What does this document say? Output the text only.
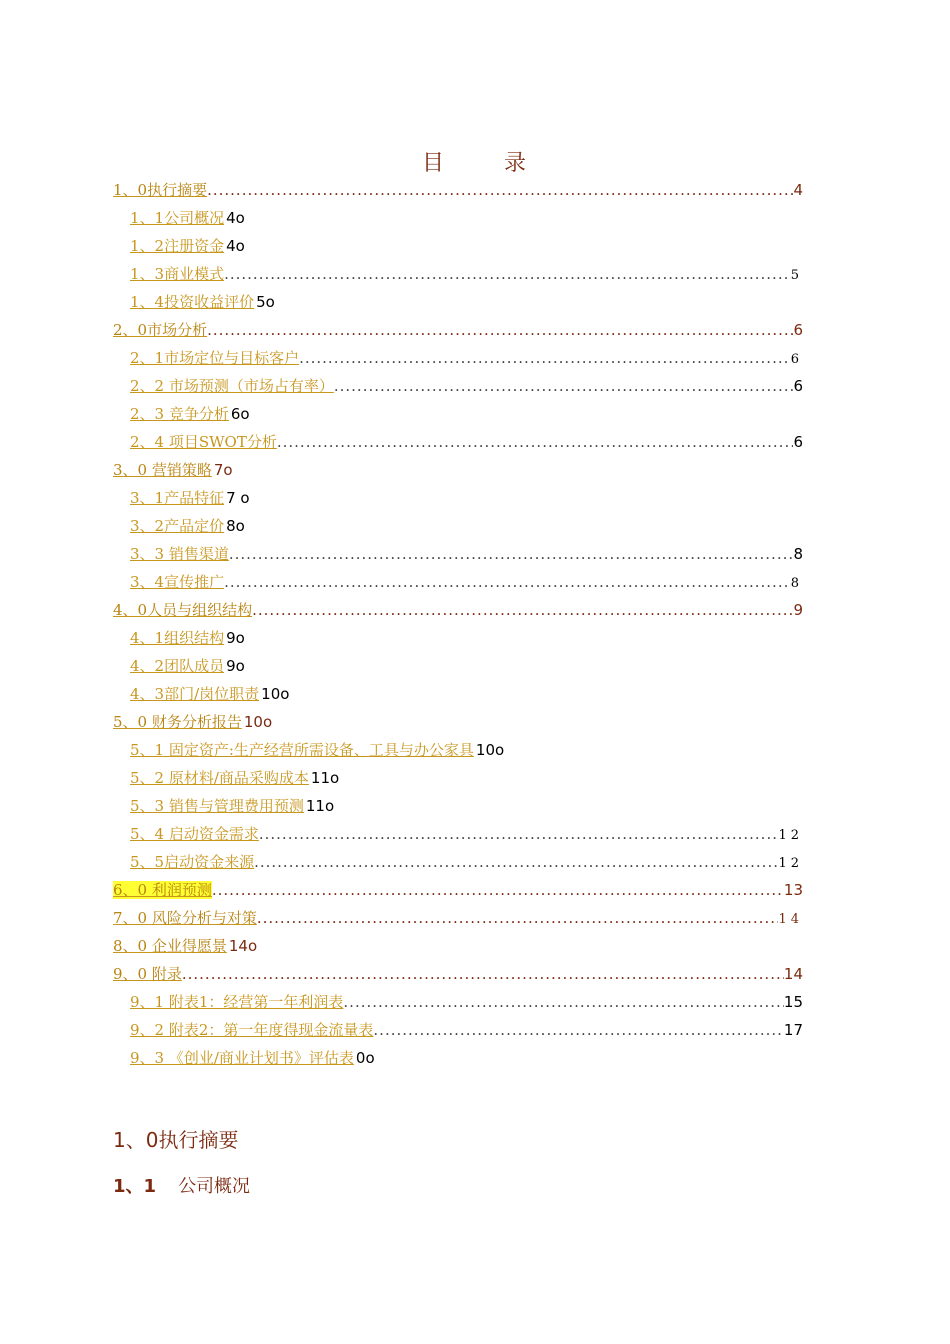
目	录
1、0执行摘要 .....	4
1、1公司概况 4o
1、2注册资金 4o
1、3商业模式 .....	5
1、4投资收益评价 5o
2、0市场分析 .....	6
2、1市场定位与目标客户 .....	6
2、2 市场预测（市场占有率） .....	6
2、3 竞争分析 6o
2、4 项目SWOT分析 .....	6
3、0 营销策略 7o
3、1产品特征 7 o
3、2产品定价 8o
3、3 销售渠道 .....	8
3、4宣传推广 .....	8
4、0人员与组织结构 .....	9
4、1组织结构 9o
4、2团队成员 9o
4、3部门/岗位职责 10o
5、0 财务分析报告 10o
5、1 固定资产:生产经营所需设备、工具与办公家具 10o
5、2 原材料/商品采购成本 11o
5、3 销售与管理费用预测 11o
5、4 启动资金需求 .....	12
5、5启动资金来源 .....	12
6、0 利润预测 .....	13
7、0 风险分析与对策 .....	14
8、0 企业得愿景 14o
9、0 附录 .....	14
9、1 附表1：经营第一年利润表 .....	15
9、2 附表2：第一年度得现金流量表 .....	17
9、3 《创业/商业计划书》评估表 0o
1、0执行摘要
1、1 公司概况
